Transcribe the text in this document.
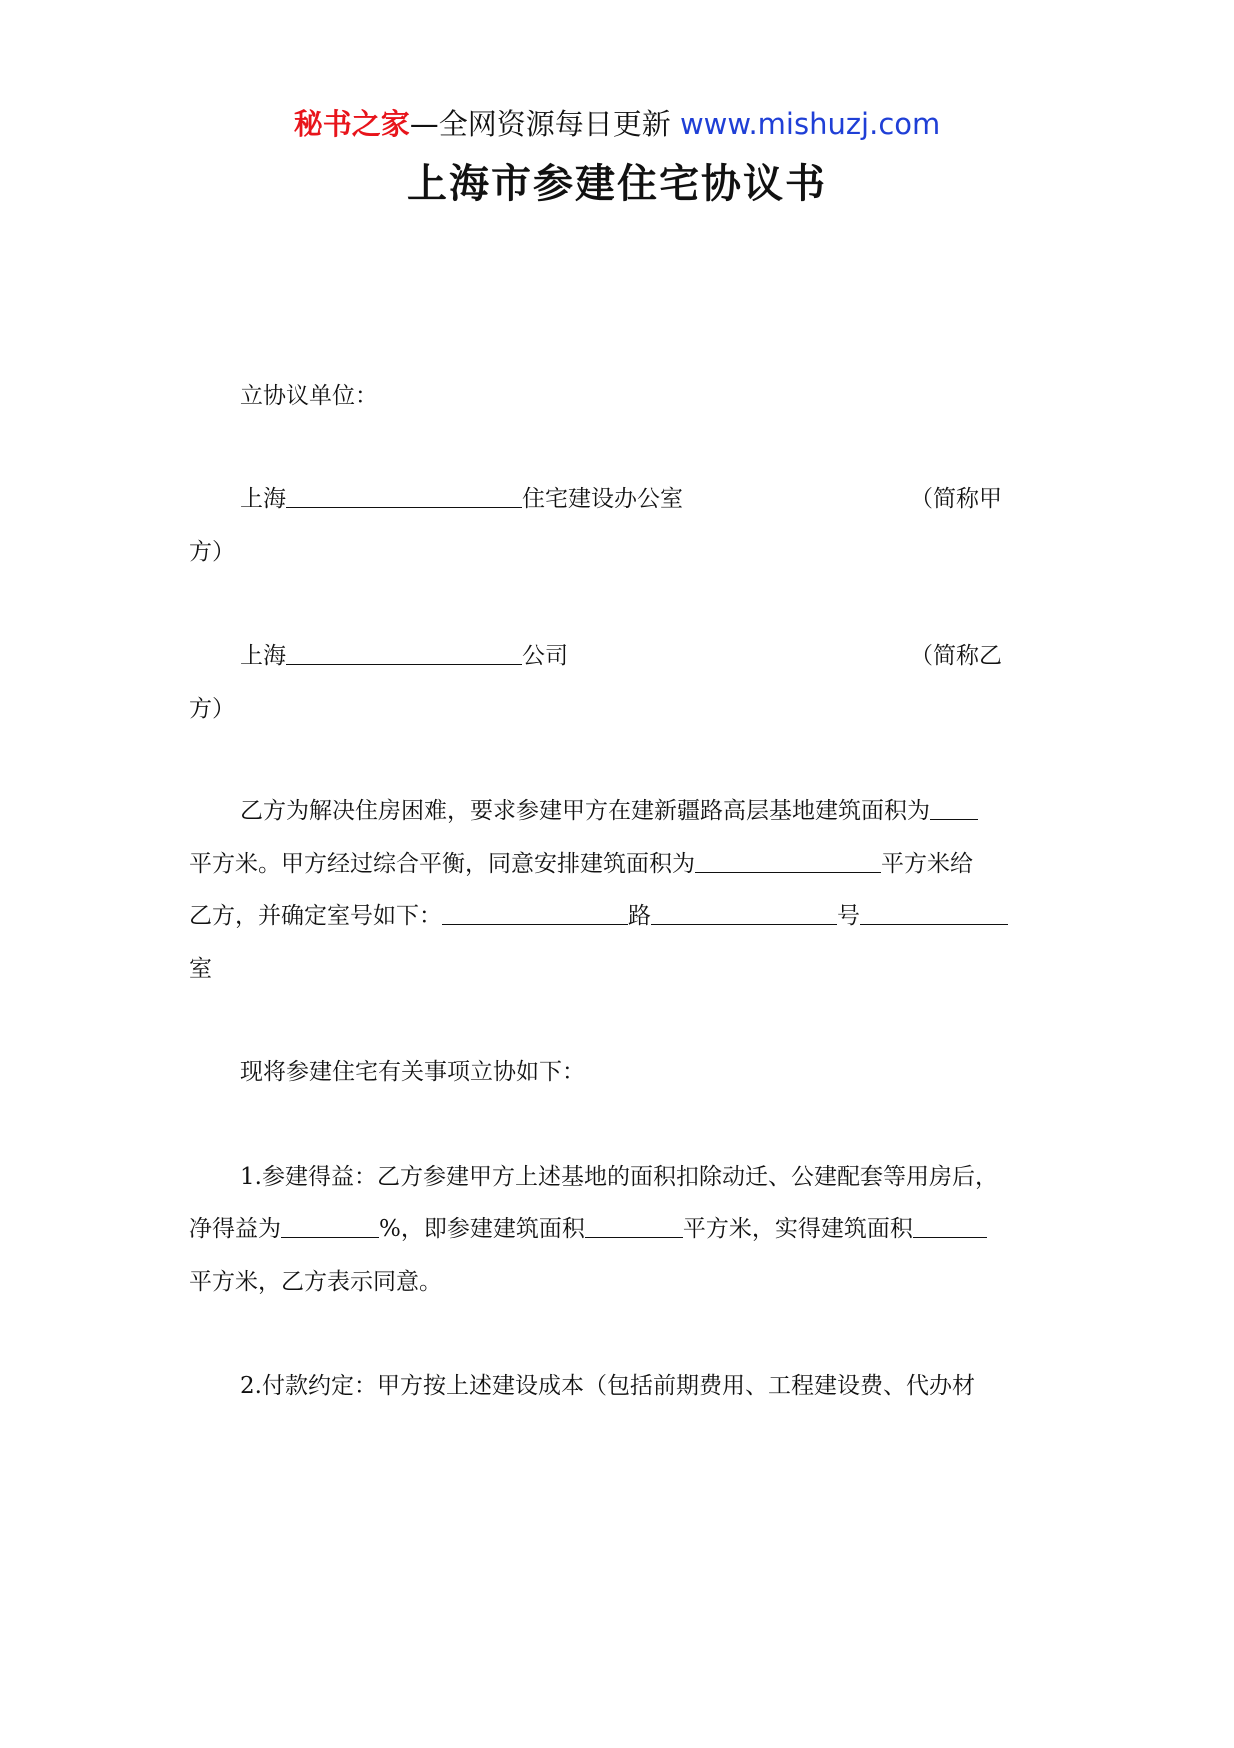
秘书之家—全网资源每日更新 www.mishuzj.com
上海市参建住宅协议书
立协议单位：
上海	住宅建设办公室	（简称甲
方）
上海	公司	（简称乙
方）
乙方为解决住房困难，要求参建甲方在建新疆路高层基地建筑面积为
平方米。甲方经过综合平衡，同意安排建筑面积为	平方米给
乙方，并确定室号如下：	路	号
室
现将参建住宅有关事项立协如下：
1.参建得益：乙方参建甲方上述基地的面积扣除动迁、公建配套等用房后，
净得益为	%，即参建建筑面积	平方米，实得建筑面积
平方米，乙方表示同意。
2.付款约定：甲方按上述建设成本（包括前期费用、工程建设费、代办材
